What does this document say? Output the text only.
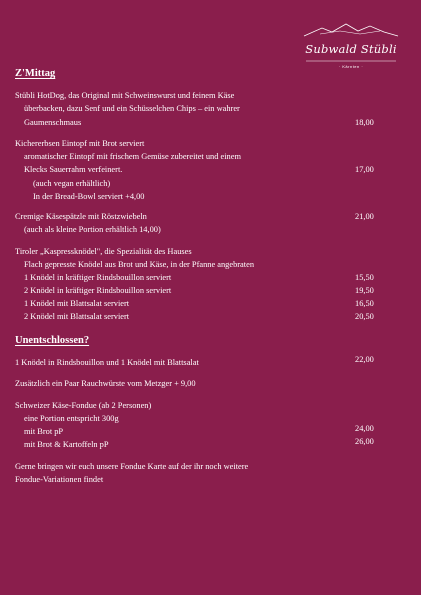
Subwald Stübli
· Kärnten ·
Z'Mittag
Stübli HotDog, das Original mit Schweinswurst und feinem Käse
überbacken, dazu Senf und ein Schüsselchen Chips – ein wahrer
Gaumenschmaus	18,00
Kichererbsen Eintopf mit Brot serviert
aromatischer Eintopf mit frischem Gemüse zubereitet und einem
Klecks Sauerrahm verfeinert.	17,00
(auch vegan erhältlich)
In der Bread-Bowl serviert +4,00
Cremige Käsespätzle mit Röstzwiebeln	21,00
(auch als kleine Portion erhältlich 14,00)
Tiroler „Kaspressknödel", die Spezialität des Hauses
Flach gepresste Knödel aus Brot und Käse, in der Pfanne angebraten
1 Knödel in kräftiger Rindsbouillon serviert	15,50
2 Knödel in kräftiger Rindsbouillon serviert	19,50
1 Knödel mit Blattsalat serviert	16,50
2 Knödel mit Blattsalat serviert	20,50
Unentschlossen?
1 Knödel in Rindsbouillon und 1 Knödel mit Blattsalat	22,00
Zusätzlich ein Paar Rauchwürste vom Metzger + 9,00
Schweizer Käse-Fondue (ab 2 Personen)
eine Portion entspricht 300g
mit Brot pP	24,00
mit Brot & Kartoffeln pP	26,00
Gerne bringen wir euch unsere Fondue Karte auf der ihr noch weitere
Fondue-Variationen findet
